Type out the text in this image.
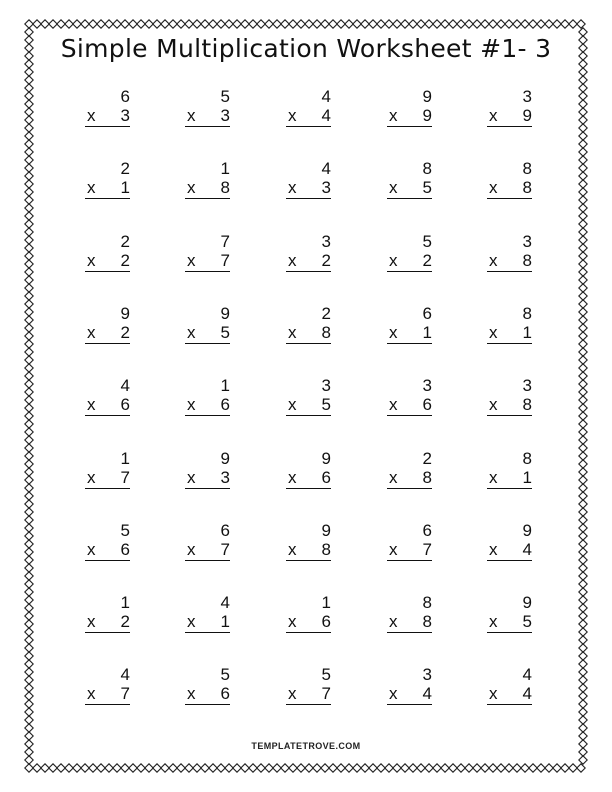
Simple Multiplication Worksheet #1- 3
6
x	3
5
x	3
4
x	4
9
x	9
3
x	9
2
x	1
1
x	8
4
x	3
8
x	5
8
x	8
2
x	2
7
x	7
3
x	2
5
x	2
3
x	8
9
x	2
9
x	5
2
x	8
6
x	1
8
x	1
4
x	6
1
x	6
3
x	5
3
x	6
3
x	8
1
x	7
9
x	3
9
x	6
2
x	8
8
x	1
5
x	6
6
x	7
9
x	8
6
x	7
9
x	4
1
x	2
4
x	1
1
x	6
8
x	8
9
x	5
4
x	7
5
x	6
5
x	7
3
x	4
4
x	4
TEMPLATETROVE.COM
